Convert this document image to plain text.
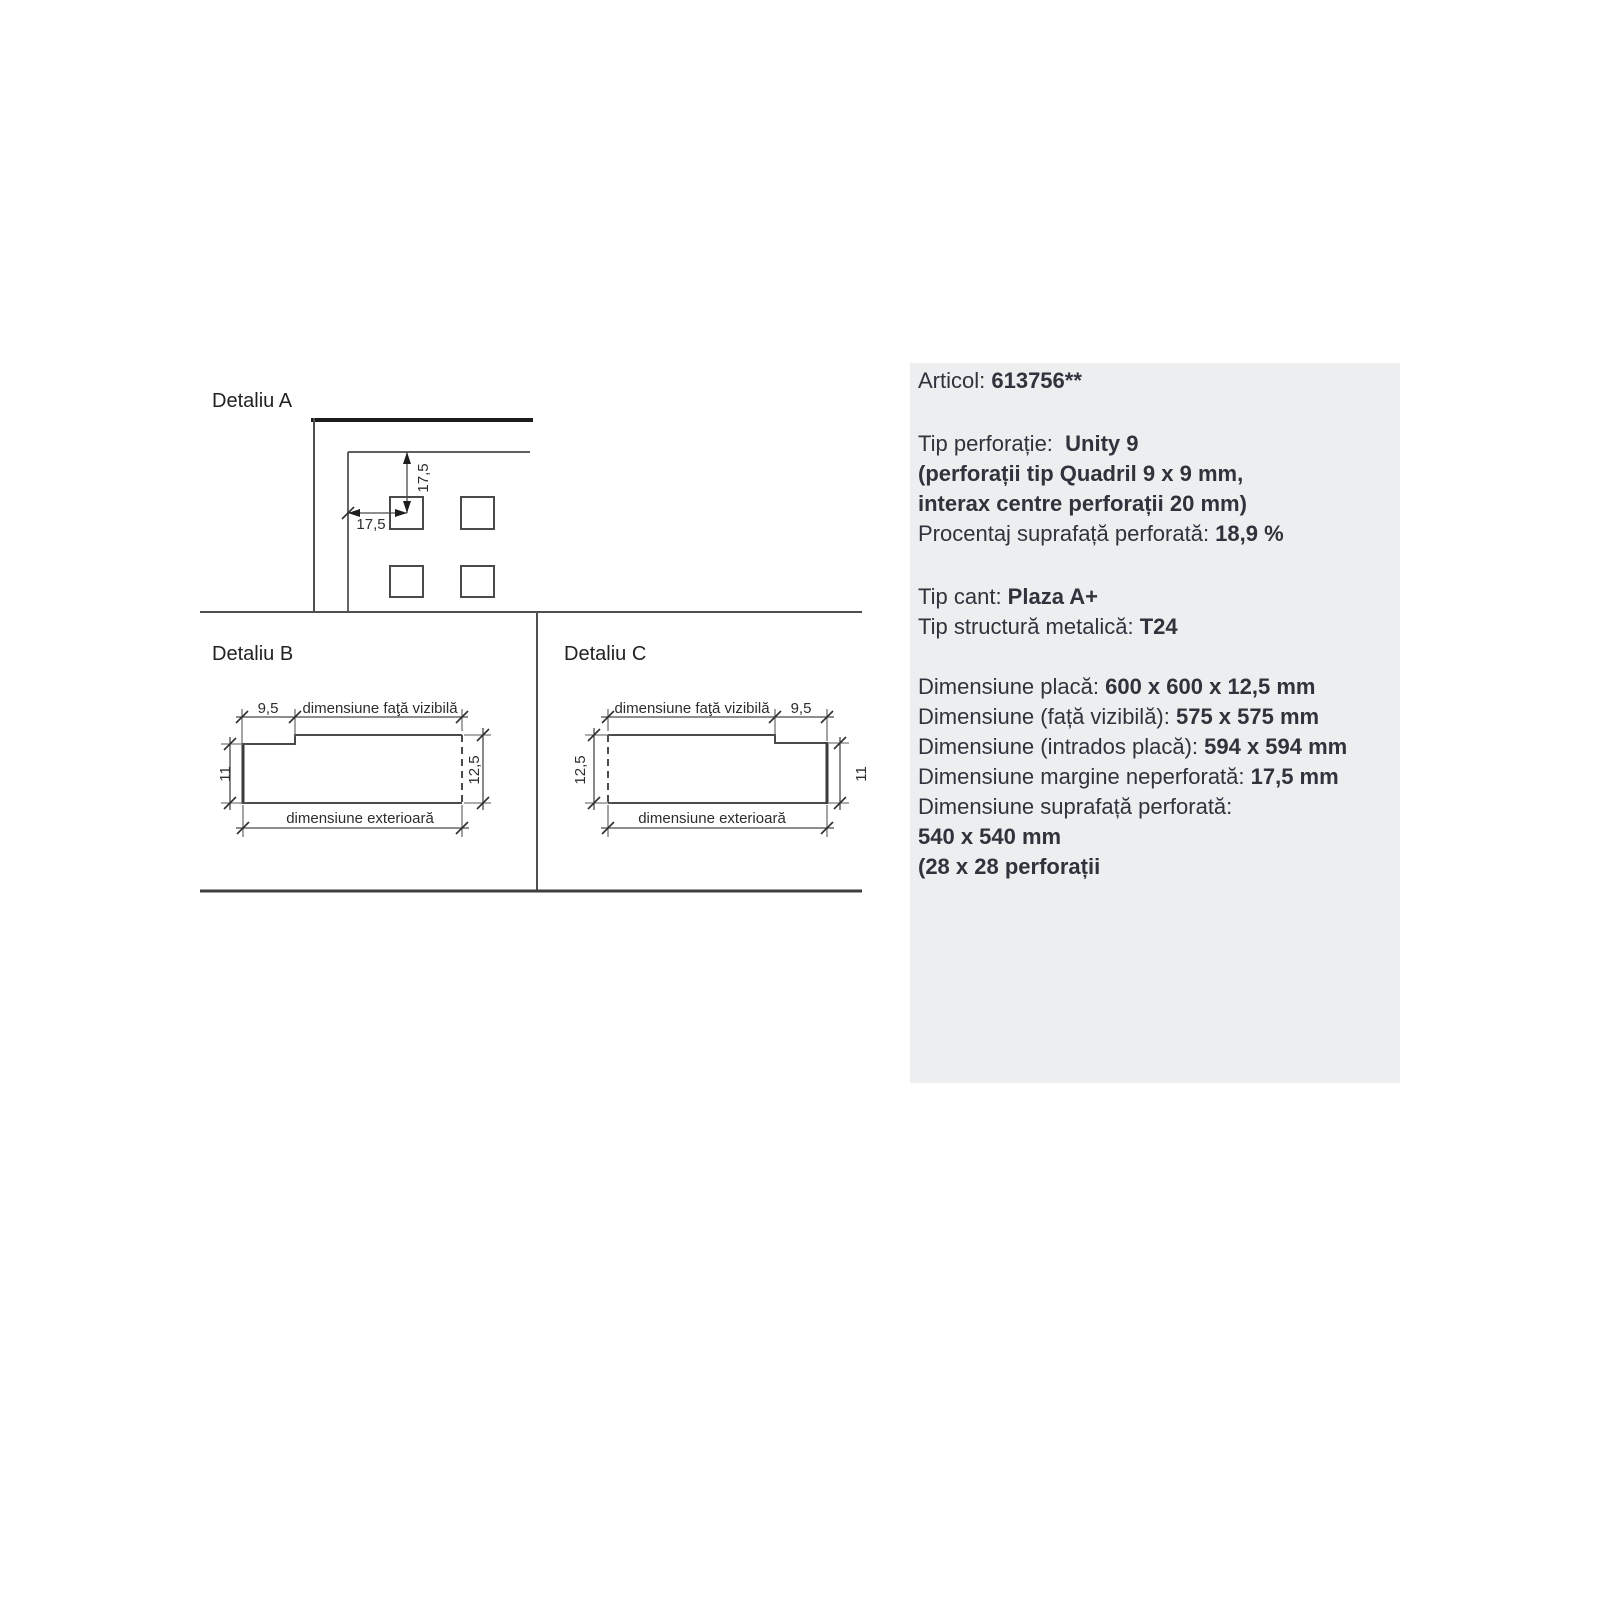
Detaliu A
17,5
17,5
Detaliu B
9,5 dimensiune faţă vizibilă
11	12,5
dimensiune exterioară
Detaliu C
dimensiune faţă vizibilă 9,5
12,5	11
dimensiune exterioară
Articol: 613756**
Tip perforație:  Unity 9
(perforații tip Quadril 9 x 9 mm,
interax centre perforații 20 mm)
Procentaj suprafață perforată: 18,9 %
Tip cant: Plaza A+
Tip structură metalică: T24
Dimensiune placă: 600 x 600 x 12,5 mm
Dimensiune (față vizibilă): 575 x 575 mm
Dimensiune (intrados placă): 594 x 594 mm
Dimensiune margine neperforată: 17,5 mm
Dimensiune suprafață perforată:
540 x 540 mm
(28 x 28 perforații
